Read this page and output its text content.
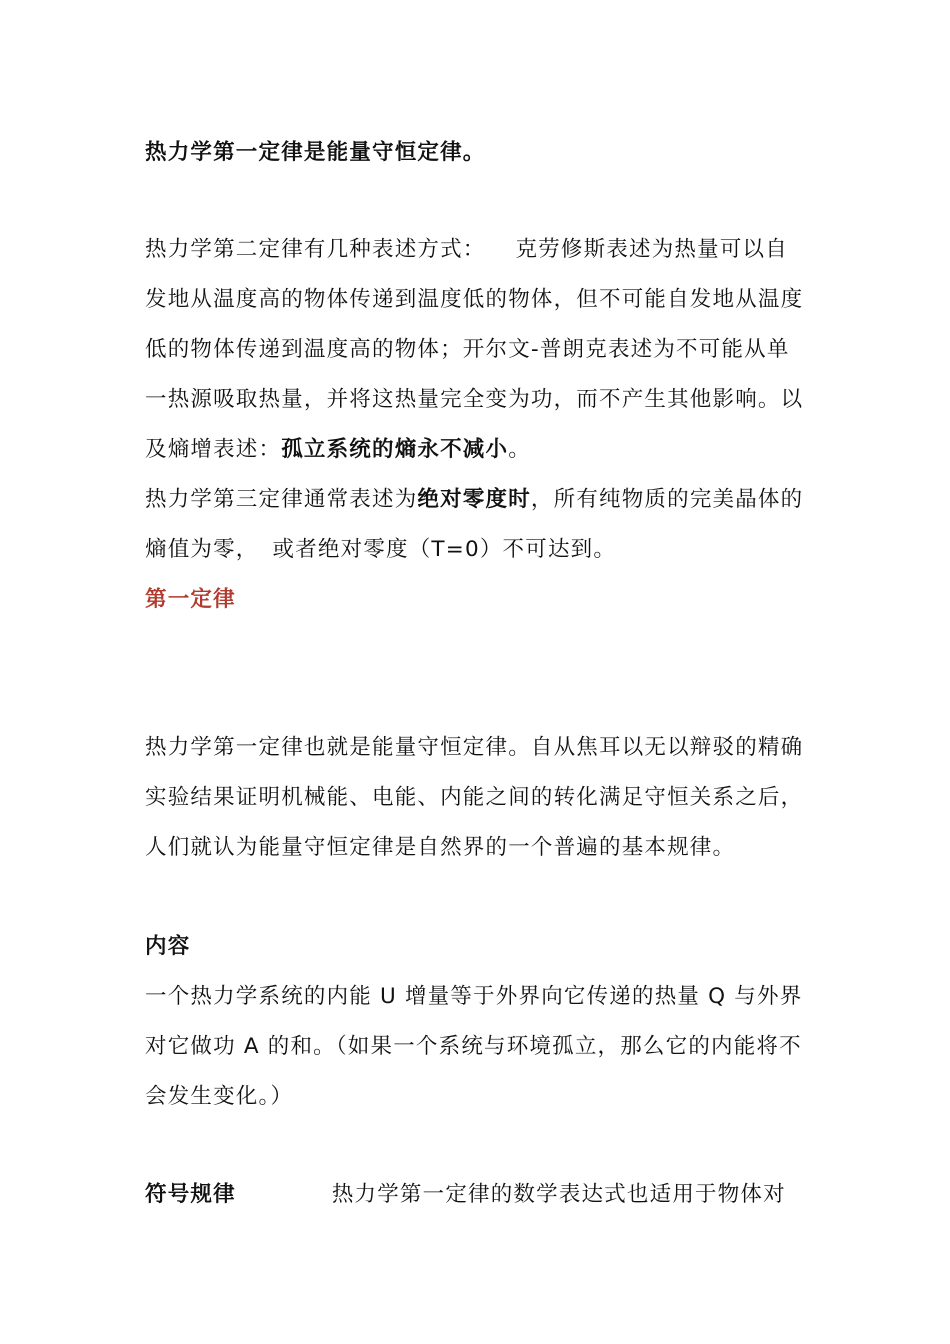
热力学第一定律是能量守恒定律。
热力学第二定律有几种表述方式： 克劳修斯表述为热量可以自发地从温度高的物体传递到温度低的物体，但不可能自发地从温度低的物体传递到温度高的物体；开尔文-普朗克表述为不可能从单一热源吸取热量，并将这热量完全变为功，而不产生其他影响。以及熵增表述：孤立系统的熵永不减小。
热力学第三定律通常表述为绝对零度时，所有纯物质的完美晶体的熵值为零， 或者绝对零度（T=0）不可达到。
第一定律
热力学第一定律也就是能量守恒定律。自从焦耳以无以辩驳的精确实验结果证明机械能、电能、内能之间的转化满足守恒关系之后，人们就认为能量守恒定律是自然界的一个普遍的基本规律。
内容
一个热力学系统的内能 U 增量等于外界向它传递的热量 Q 与外界对它做功 A 的和。（如果一个系统与环境孤立，那么它的内能将不会发生变化。）
符号规律	热力学第一定律的数学表达式也适用于物体对
